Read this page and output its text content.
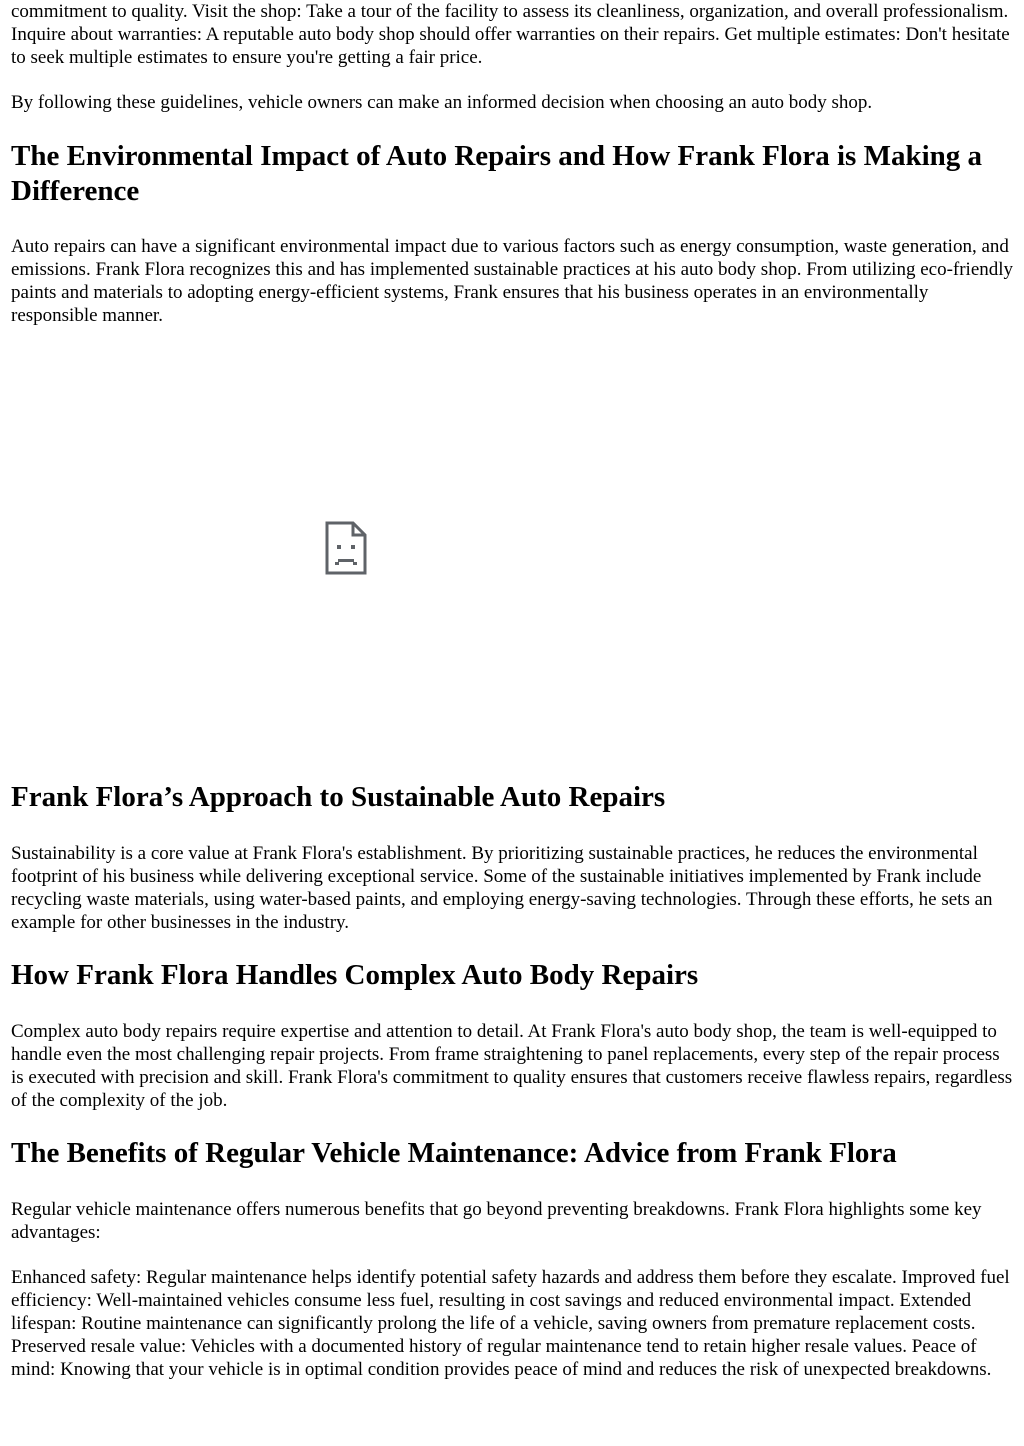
commitment to quality. Visit the shop: Take a tour of the facility to assess its cleanliness, organization, and overall professionalism. Inquire about warranties: A reputable auto body shop should offer warranties on their repairs. Get multiple estimates: Don't hesitate to seek multiple estimates to ensure you're getting a fair price.

By following these guidelines, vehicle owners can make an informed decision when choosing an auto body shop.

The Environmental Impact of Auto Repairs and How Frank Flora is Making a Difference

Auto repairs can have a significant environmental impact due to various factors such as energy consumption, waste generation, and emissions. Frank Flora recognizes this and has implemented sustainable practices at his auto body shop. From utilizing eco-friendly paints and materials to adopting energy-efficient systems, Frank ensures that his business operates in an environmentally responsible manner.

Frank Flora’s Approach to Sustainable Auto Repairs

Sustainability is a core value at Frank Flora's establishment. By prioritizing sustainable practices, he reduces the environmental footprint of his business while delivering exceptional service. Some of the sustainable initiatives implemented by Frank include recycling waste materials, using water-based paints, and employing energy-saving technologies. Through these efforts, he sets an example for other businesses in the industry.

How Frank Flora Handles Complex Auto Body Repairs

Complex auto body repairs require expertise and attention to detail. At Frank Flora's auto body shop, the team is well-equipped to handle even the most challenging repair projects. From frame straightening to panel replacements, every step of the repair process is executed with precision and skill. Frank Flora's commitment to quality ensures that customers receive flawless repairs, regardless of the complexity of the job.

The Benefits of Regular Vehicle Maintenance: Advice from Frank Flora

Regular vehicle maintenance offers numerous benefits that go beyond preventing breakdowns. Frank Flora highlights some key advantages:

Enhanced safety: Regular maintenance helps identify potential safety hazards and address them before they escalate. Improved fuel efficiency: Well-maintained vehicles consume less fuel, resulting in cost savings and reduced environmental impact. Extended lifespan: Routine maintenance can significantly prolong the life of a vehicle, saving owners from premature replacement costs. Preserved resale value: Vehicles with a documented history of regular maintenance tend to retain higher resale values. Peace of mind: Knowing that your vehicle is in optimal condition provides peace of mind and reduces the risk of unexpected breakdowns.
